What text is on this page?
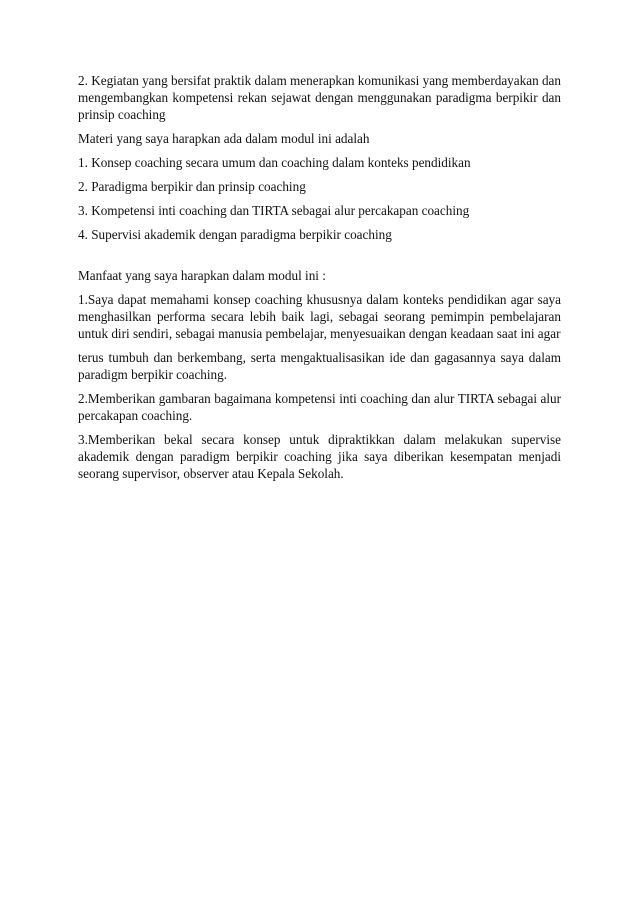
2. Kegiatan yang bersifat praktik dalam menerapkan komunikasi yang memberdayakan dan mengembangkan kompetensi rekan sejawat dengan menggunakan paradigma berpikir dan prinsip coaching

Materi yang saya harapkan ada dalam modul ini adalah

1. Konsep coaching secara umum dan coaching dalam konteks pendidikan

2. Paradigma berpikir dan prinsip coaching

3. Kompetensi inti coaching dan TIRTA sebagai alur percakapan coaching

4. Supervisi akademik dengan paradigma berpikir coaching

Manfaat yang saya harapkan dalam modul ini :

1.Saya dapat memahami konsep coaching khususnya dalam konteks pendidikan agar saya menghasilkan performa secara lebih baik lagi, sebagai seorang pemimpin pembelajaran untuk diri sendiri, sebagai manusia pembelajar, menyesuaikan dengan keadaan saat ini agar

terus tumbuh dan berkembang, serta mengaktualisasikan ide dan gagasannya saya dalam paradigm berpikir coaching.

2.Memberikan gambaran bagaimana kompetensi inti coaching dan alur TIRTA sebagai alur percakapan coaching.

3.Memberikan bekal secara konsep untuk dipraktikkan dalam melakukan supervise akademik dengan paradigm berpikir coaching jika saya diberikan kesempatan menjadi seorang supervisor, observer atau Kepala Sekolah.
